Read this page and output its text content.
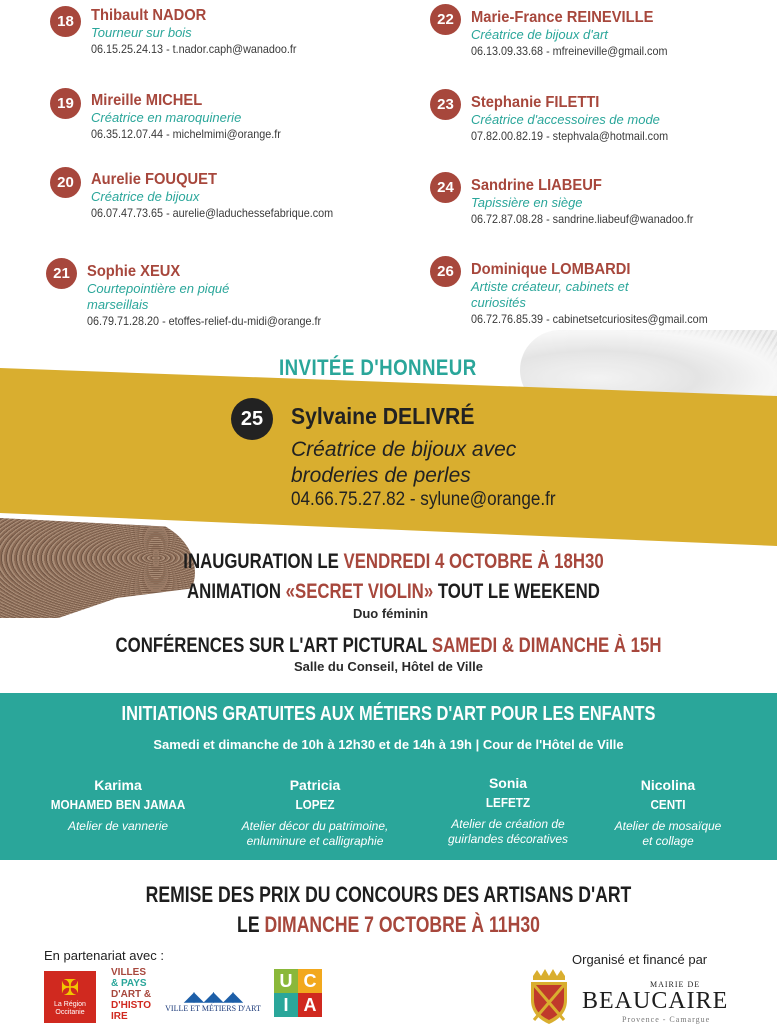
18	Thibault NADOR
Tourneur sur bois
06.15.25.24.13 - t.nador.caph@wanadoo.fr
19	Mireille MICHEL
Créatrice en maroquinerie
06.35.12.07.44 - michelmimi@orange.fr
20	Aurelie FOUQUET
Créatrice de bijoux
06.07.47.73.65 - aurelie@laduchessefabrique.com
21	Sophie XEUX
Courtepointière en piqué marseillais
06.79.71.28.20 - etoffes-relief-du-midi@orange.fr
22	Marie-France REINEVILLE
Créatrice de bijoux d'art
06.13.09.33.68 - mfreineville@gmail.com
23	Stephanie FILETTI
Créatrice d'accessoires de mode
07.82.00.82.19 - stephvala@hotmail.com
24	Sandrine LIABEUF
Tapissière en siège
06.72.87.08.28 - sandrine.liabeuf@wanadoo.fr
26	Dominique LOMBARDI
Artiste créateur, cabinets et curiosités
06.72.76.85.39 - cabinetsetcuriosites@gmail.com
INVITÉE D'HONNEUR
25	Sylvaine DELIVRÉ
Créatrice de bijoux avec broderies de perles
04.66.75.27.82 - sylune@orange.fr
INAUGURATION LE VENDREDI 4 OCTOBRE À 18H30
ANIMATION «SECRET VIOLIN» TOUT LE WEEKEND
Duo féminin
CONFÉRENCES SUR L'ART PICTURAL SAMEDI & DIMANCHE À 15H
Salle du Conseil, Hôtel de Ville
INITIATIONS GRATUITES AUX MÉTIERS D'ART POUR LES ENFANTS
Samedi et dimanche de 10h à 12h30 et de 14h à 19h | Cour de l'Hôtel de Ville
Karima
MOHAMED BEN JAMAA
Atelier de vannerie
Patricia
LOPEZ
Atelier décor du patrimoine, enluminure et calligraphie
Sonia
LEFETZ
Atelier de création de guirlandes décoratives
Nicolina
CENTI
Atelier de mosaïque et collage
REMISE DES PRIX DU CONCOURS DES ARTISANS D'ART
LE DIMANCHE 7 OCTOBRE À 11H30
En partenariat avec :	Organisé et financé par
✠
La Région Occitanie
VILLES
& PAYS
D'ART &
D'HISTO
IRE
◢◣◢◣◢◣
VILLE ET MÉTIERS D'ART
U C
I A
MAIRIE DE
BEAUCAIRE
Provence - Camargue
